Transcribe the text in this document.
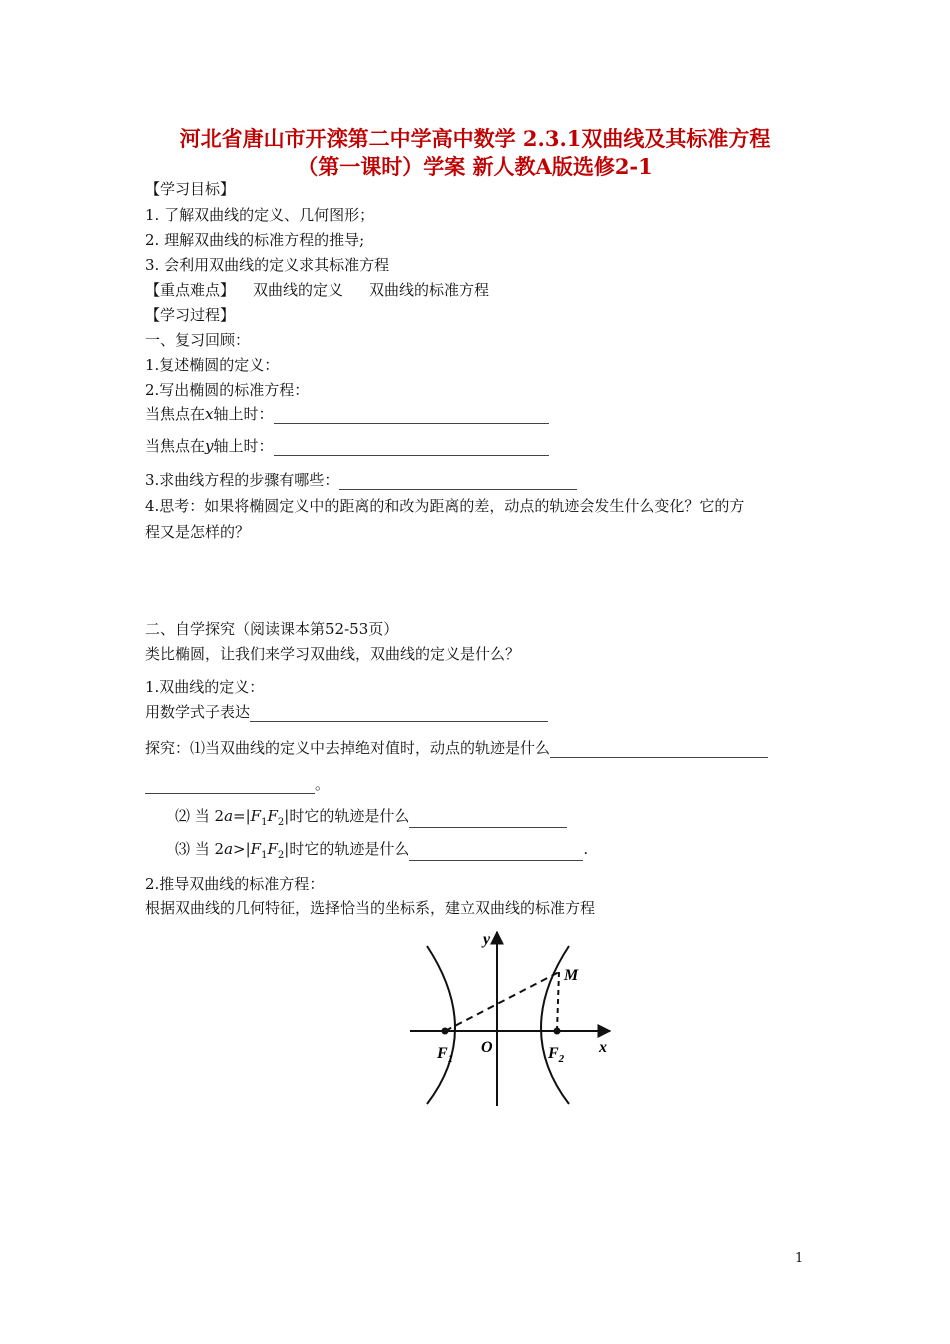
河北省唐山市开滦第二中学高中数学 2.3.1双曲线及其标准方程
（第一课时）学案 新人教A版选修2-1
【学习目标】
1. 了解双曲线的定义、几何图形；
2. 理解双曲线的标准方程的推导;
3. 会利用双曲线的定义求其标准方程
【重点难点】 双曲线的定义 双曲线的标准方程
【学习过程】
一、复习回顾：
1.复述椭圆的定义：
2.写出椭圆的标准方程：
当焦点在x轴上时：
当焦点在y轴上时：
3.求曲线方程的步骤有哪些：
4.思考：如果将椭圆定义中的距离的和改为距离的差，动点的轨迹会发生什么变化？它的方
程又是怎样的？
二、自学探究（阅读课本第52-53页）
类比椭圆，让我们来学习双曲线，双曲线的定义是什么？
1.双曲线的定义：
用数学式子表达
探究：⑴当双曲线的定义中去掉绝对值时，动点的轨迹是什么
。
⑵ 当 $2a=|F_1F_2|$时它的轨迹是什么
⑶ 当 $2a>|F_1F_2|$时它的轨迹是什么	.
2.推导双曲线的标准方程：
根据双曲线的几何特征，选择恰当的坐标系，建立双曲线的标准方程
y
x
M
O
$F_1$	$F_2$
1
